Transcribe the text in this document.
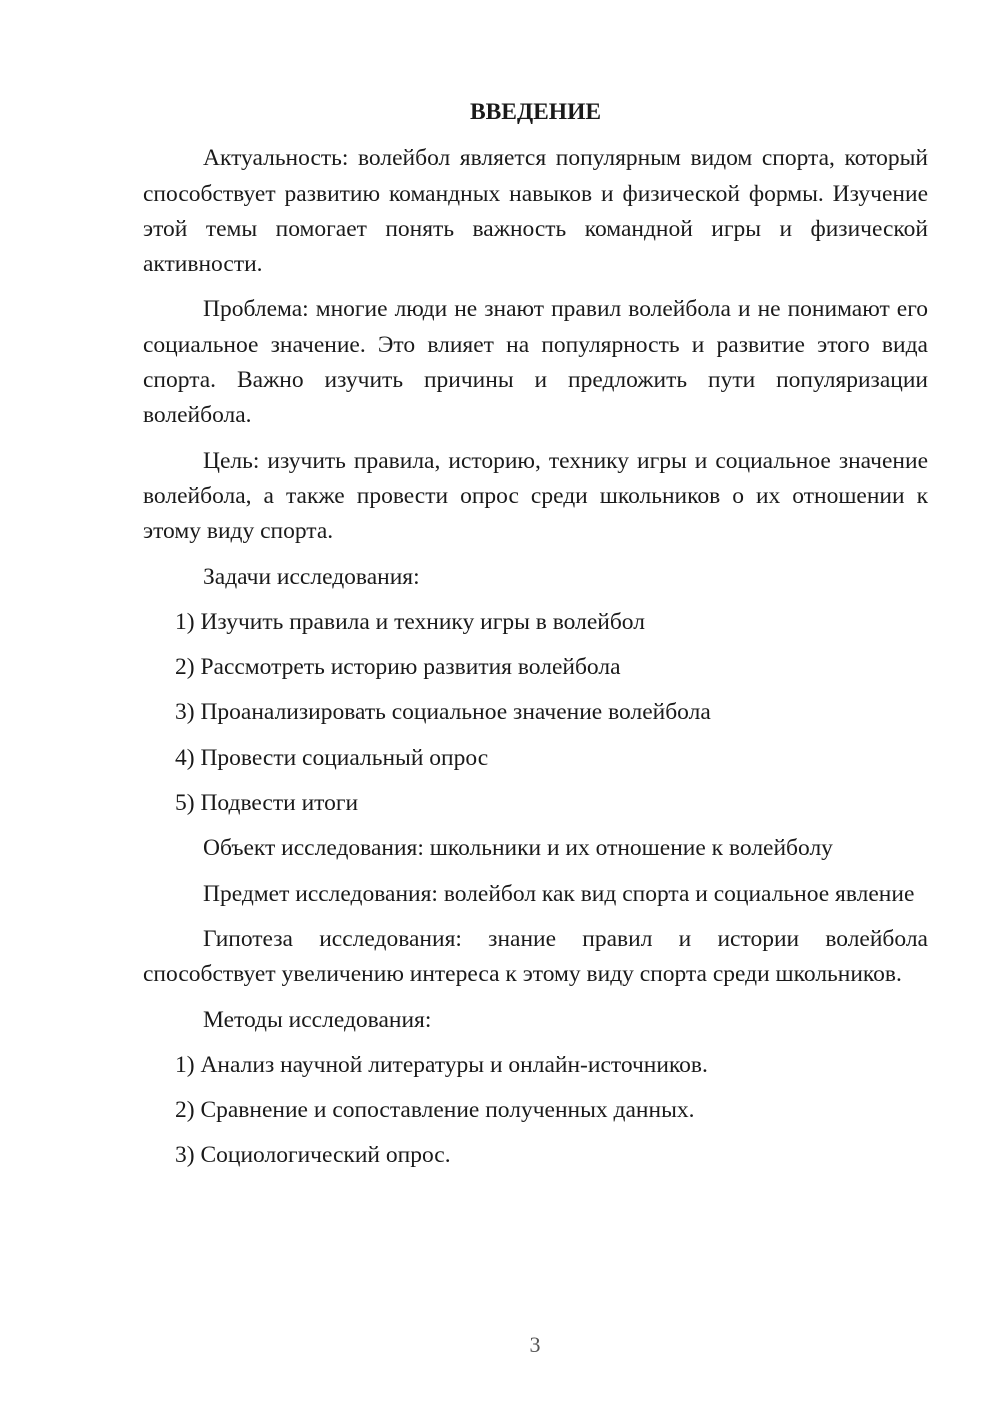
ВВЕДЕНИЕ

Актуальность: волейбол является популярным видом спорта, который способствует развитию командных навыков и физической формы. Изучение этой темы помогает понять важность командной игры и физической активности.

Проблема: многие люди не знают правил волейбола и не понимают его социальное значение. Это влияет на популярность и развитие этого вида спорта. Важно изучить причины и предложить пути популяризации волейбола.

Цель: изучить правила, историю, технику игры и социальное значение волейбола, а также провести опрос среди школьников о их отношении к этому виду спорта.

Задачи исследования:

1) Изучить правила и технику игры в волейбол
2) Рассмотреть историю развития волейбола
3) Проанализировать социальное значение волейбола
4) Провести социальный опрос
5) Подвести итоги

Объект исследования: школьники и их отношение к волейболу

Предмет исследования: волейбол как вид спорта и социальное явление

Гипотеза исследования: знание правил и истории волейбола способствует увеличению интереса к этому виду спорта среди школьников.

Методы исследования:

1) Анализ научной литературы и онлайн-источников.
2) Сравнение и сопоставление полученных данных.
3) Социологический опрос.
3
